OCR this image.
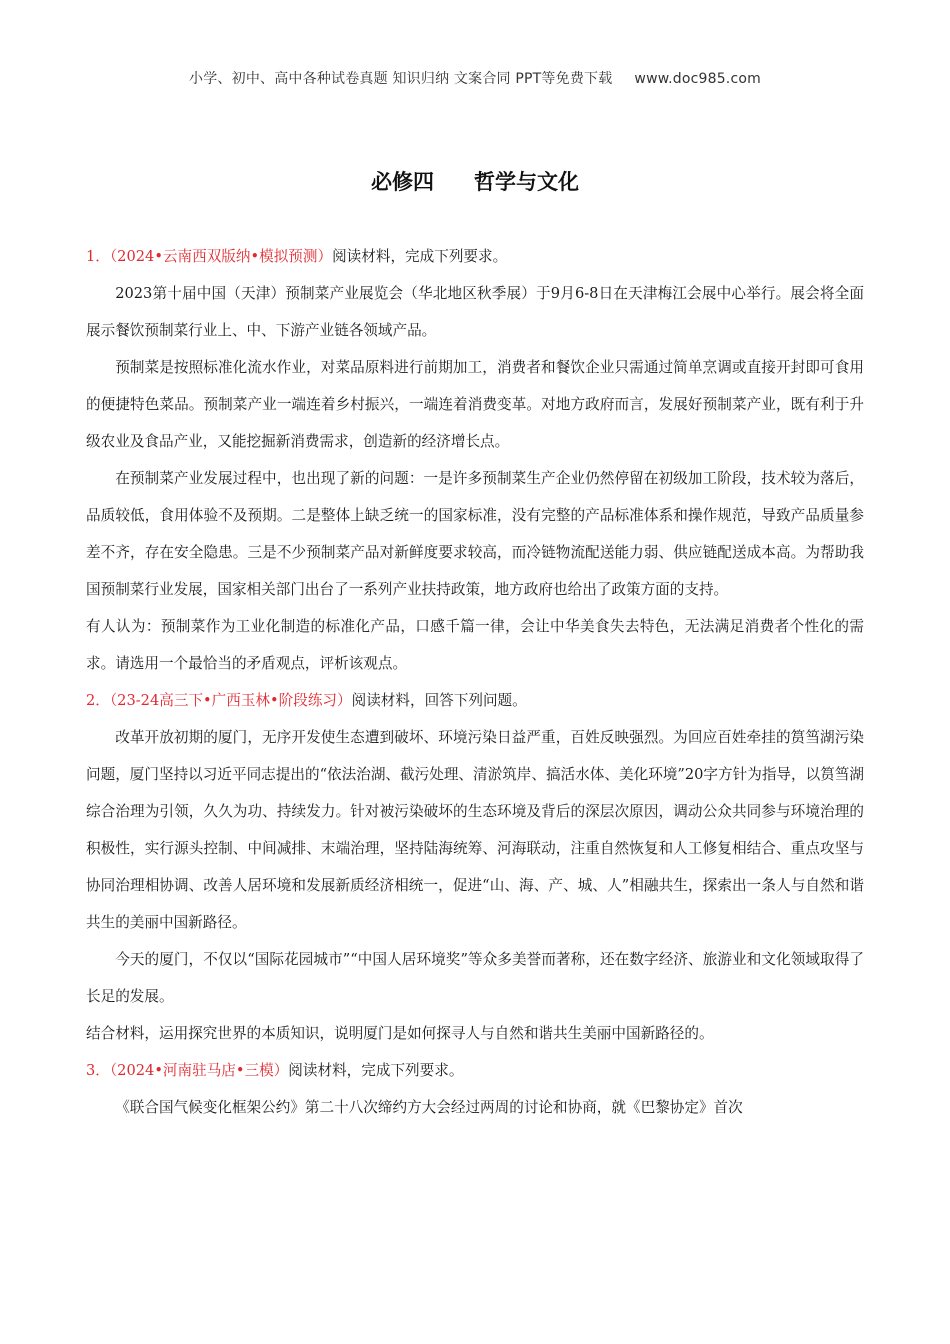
小学、初中、高中各种试卷真题 知识归纳 文案合同 PPT等免费下载 www.doc985.com
必修四 哲学与文化

1．（2024•云南西双版纳•模拟预测）阅读材料，完成下列要求。

2023第十届中国（天津）预制菜产业展览会（华北地区秋季展）于9月6-8日在天津梅江会展中心举行。展会将全面展示餐饮预制菜行业上、中、下游产业链各领域产品。

预制菜是按照标准化流水作业，对菜品原料进行前期加工，消费者和餐饮企业只需通过简单烹调或直接开封即可食用的便捷特色菜品。预制菜产业一端连着乡村振兴，一端连着消费变革。对地方政府而言，发展好预制菜产业，既有利于升级农业及食品产业，又能挖掘新消费需求，创造新的经济增长点。

在预制菜产业发展过程中，也出现了新的问题：一是许多预制菜生产企业仍然停留在初级加工阶段，技术较为落后，品质较低，食用体验不及预期。二是整体上缺乏统一的国家标准，没有完整的产品标准体系和操作规范，导致产品质量参差不齐，存在安全隐患。三是不少预制菜产品对新鲜度要求较高，而冷链物流配送能力弱、供应链配送成本高。为帮助我国预制菜行业发展，国家相关部门出台了一系列产业扶持政策，地方政府也给出了政策方面的支持。

有人认为：预制菜作为工业化制造的标准化产品，口感千篇一律，会让中华美食失去特色，无法满足消费者个性化的需求。请选用一个最恰当的矛盾观点，评析该观点。

2．（23-24高三下•广西玉林•阶段练习）阅读材料，回答下列问题。

改革开放初期的厦门，无序开发使生态遭到破坏、环境污染日益严重，百姓反映强烈。为回应百姓牵挂的筼筜湖污染问题，厦门坚持以习近平同志提出的“依法治湖、截污处理、清淤筑岸、搞活水体、美化环境”20字方针为指导，以筼筜湖综合治理为引领，久久为功、持续发力。针对被污染破坏的生态环境及背后的深层次原因，调动公众共同参与环境治理的积极性，实行源头控制、中间减排、末端治理，坚持陆海统筹、河海联动，注重自然恢复和人工修复相结合、重点攻坚与协同治理相协调、改善人居环境和发展新质经济相统一，促进“山、海、产、城、人”相融共生，探索出一条人与自然和谐共生的美丽中国新路径。

今天的厦门，不仅以“国际花园城市”“中国人居环境奖”等众多美誉而著称，还在数字经济、旅游业和文化领域取得了长足的发展。

结合材料，运用探究世界的本质知识，说明厦门是如何探寻人与自然和谐共生美丽中国新路径的。

3．（2024•河南驻马店•三模）阅读材料，完成下列要求。

《联合国气候变化框架公约》第二十八次缔约方大会经过两周的讨论和协商，就《巴黎协定》首次
